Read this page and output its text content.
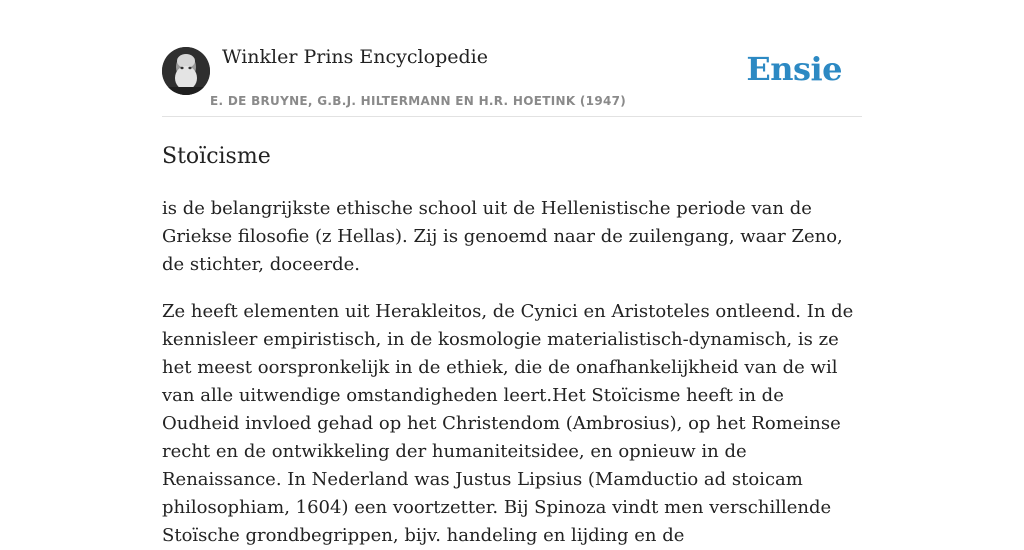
Winkler Prins Encyclopedie
E. DE BRUYNE, G.B.J. HILTERMANN EN H.R. HOETINK (1947)
Ensie
Stoïcisme

is de belangrijkste ethische school uit de Hellenistische periode van de Griekse filosofie (z Hellas). Zij is genoemd naar de zuilengang, waar Zeno, de stichter, doceerde.

Ze heeft elementen uit Herakleitos, de Cynici en Aristoteles ontleend. In de kennisleer empiristisch, in de kosmologie materialistisch-dynamisch, is ze het meest oorspronkelijk in de ethiek, die de onafhankelijkheid van de wil van alle uitwendige omstandigheden leert.Het Stoïcisme heeft in de Oudheid invloed gehad op het Christendom (Ambrosius), op het Romeinse recht en de ontwikkeling der humaniteitsidee, en opnieuw in de Renaissance. In Nederland was Justus Lipsius (Mamductio ad stoicam philosophiam, 1604) een voortzetter. Bij Spinoza vindt men verschillende Stoïsche grondbegrippen, bijv. handeling en lijding en de
